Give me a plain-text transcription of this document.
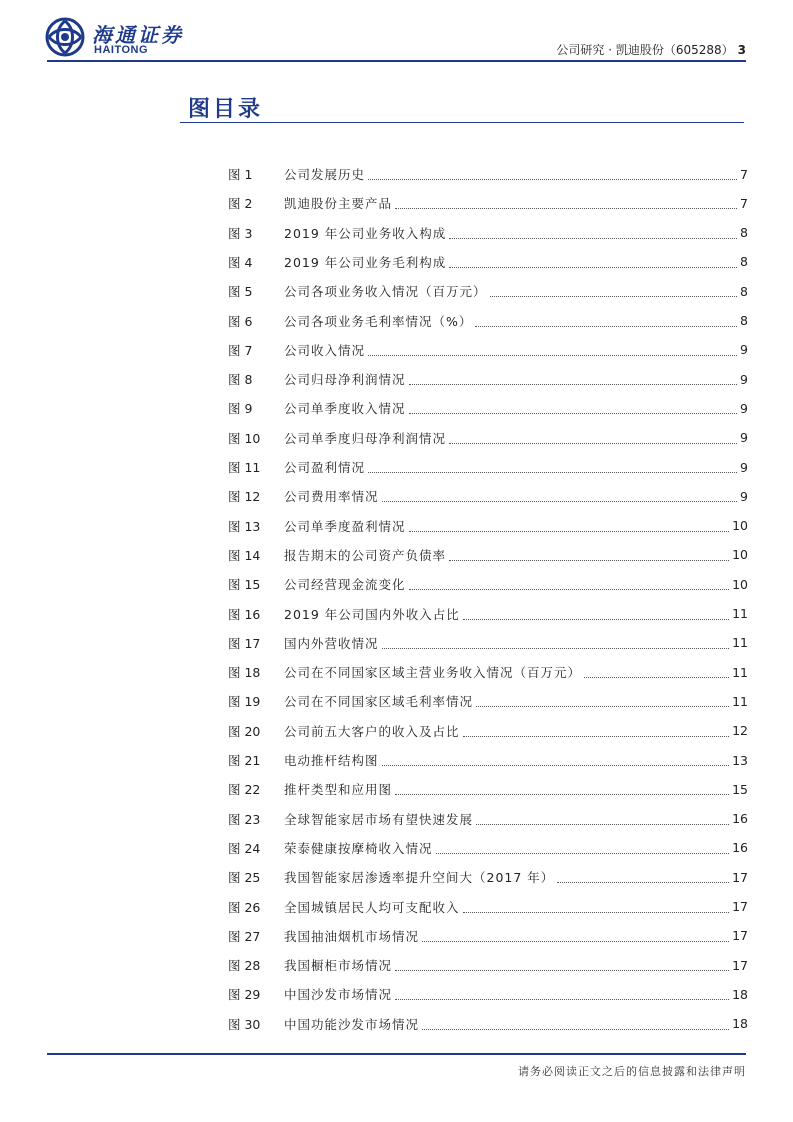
海通证券
HAITONG	公司研究 · 凯迪股份（605288） 3
图目录
图 1	公司发展历史	7
图 2	凯迪股份主要产品	7
图 3	2019 年公司业务收入构成	8
图 4	2019 年公司业务毛利构成	8
图 5	公司各项业务收入情况（百万元）	8
图 6	公司各项业务毛利率情况（%）	8
图 7	公司收入情况	9
图 8	公司归母净利润情况	9
图 9	公司单季度收入情况	9
图 10	公司单季度归母净利润情况	9
图 11	公司盈利情况	9
图 12	公司费用率情况	9
图 13	公司单季度盈利情况	10
图 14	报告期末的公司资产负债率	10
图 15	公司经营现金流变化	10
图 16	2019 年公司国内外收入占比	11
图 17	国内外营收情况	11
图 18	公司在不同国家区域主营业务收入情况（百万元）	11
图 19	公司在不同国家区域毛利率情况	11
图 20	公司前五大客户的收入及占比	12
图 21	电动推杆结构图	13
图 22	推杆类型和应用图	15
图 23	全球智能家居市场有望快速发展	16
图 24	荣泰健康按摩椅收入情况	16
图 25	我国智能家居渗透率提升空间大（2017 年）	17
图 26	全国城镇居民人均可支配收入	17
图 27	我国抽油烟机市场情况	17
图 28	我国橱柜市场情况	17
图 29	中国沙发市场情况	18
图 30	中国功能沙发市场情况	18
请务必阅读正文之后的信息披露和法律声明
